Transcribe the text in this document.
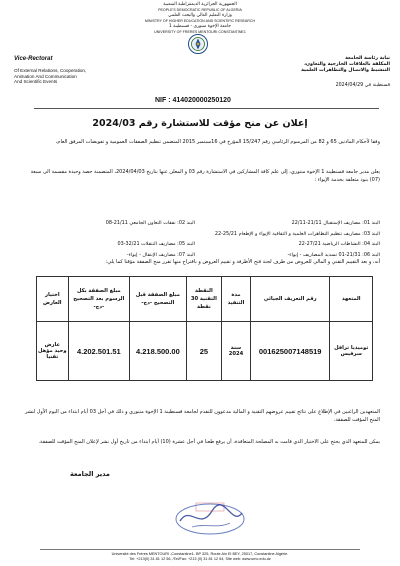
الجمهورية الجزائرية الديمقراطية الشعبية
PEOPLE'S DEMOCRATIC REPUBLIC OF ALGERIA
وزارة التعليم العالي والبحث العلمي
MINISTRY OF HIGHER EDUCATION AND SCIENTIFIC RESEARCH
جامعة الإخوة منتوري - قسنطينة 1
UNIVERSITY OF FRERES MENTOURI CONSTANTINE1
Vice-Rectorat
Of External Relations, Cooperation,
Animation And Communication
And Scientific Events
نيابة رئاسة الجامعة
المكلفة بالعلاقات الخارجية والتعاون،
التنشيط والاتصال والتظاهرات العلمية
قسنطينة في 2024/04/29
NIF : 414020000250120
إعلان عن منح مؤقت للاستشارة رقم 2024/03
وفقا لأحكام المادتين 65 و 82 من المرسوم الرئاسي رقم 15/247 المؤرخ في 16سبتمبر 2015 المتضمن تنظيم الصفقات العمومية و تفويضات المرفق العام،
يعلن مدير جامعة قسنطينة 1 الإخوة منتوري، إلى علم كافة المشاركين في الاستشارة رقم 03 و المعلن عنها بتاريخ 2024/04/03، المتضمنة حصة وحيدة مقسمة الى سبعة (07) بنود متعلقة بخدمة الإيواء :
البند 01: مصاريف الإستقبال 21/11-22/11
البند 02: نفقات التعاون الجامعي 21/11-08
البند 03: مصاريف تنظيم التظاهرات العلمية و الثقافية الإيواء و الإطعام 25/21-22
البند 04: النشاطات الرياضية 27/21-22
البند 05: مصاريف التنقلات 32/21-03
البند 06: 21/31-01 تسديد المصاريف - إيواء-
البند 07: مصاريف الإنتقال - إيواء-
أنه، و بعد التقييم التقني و المالي للعروض من طرف لجنة فتح الأظرفة و تقييم العروض و باقتراح منها تقرر منح الصفقة مؤقتا كما يلي:
المتعهد	رقم التعريف الجبائي	مدة التنفيذ	النقطة التقنية 30 نقطة	مبلغ الصفقة قبل التصحيح -دج-	مبلغ الصفقة بكل الرسوم بعد التصحيح -دج-	اختيار العارض
توميديا ترافل سرفيس	001625007148519	سنة 2024	25	4.218.500.00	4.202.501.51	عارض وحيد مؤهل تقنيا
المتعهدين الراغبين في الإطلاع على نتائج تقييم عروضهم التقنية و المالية مدعوون للتقدم لجامعة قسنطينة 1 الإخوة منتوري و ذلك في أجل 03 أيام ابتداء من اليوم الأول لنشر المنح المؤقت للصفقة.
يمكن للمتعهد الذي يحتج على الاختيار الذي قامت به المصلحة المتعاقدة، أن يرفع طعنا في أجل عشرة (10) أيام ابتداء من تاريخ أول نشر لإعلان المنح المؤقت للصفقة.
مدير الجامعة
Université des Frères MENTOURI -Constantine1- BP 325, Route Ain El BEY, 25017, Constantine Algérie.
Tel: +213(0) 31 81 12 56, /Tel/Fax: +213 (0) 31 81 12 54, Site web: www.umc.edu.dz
